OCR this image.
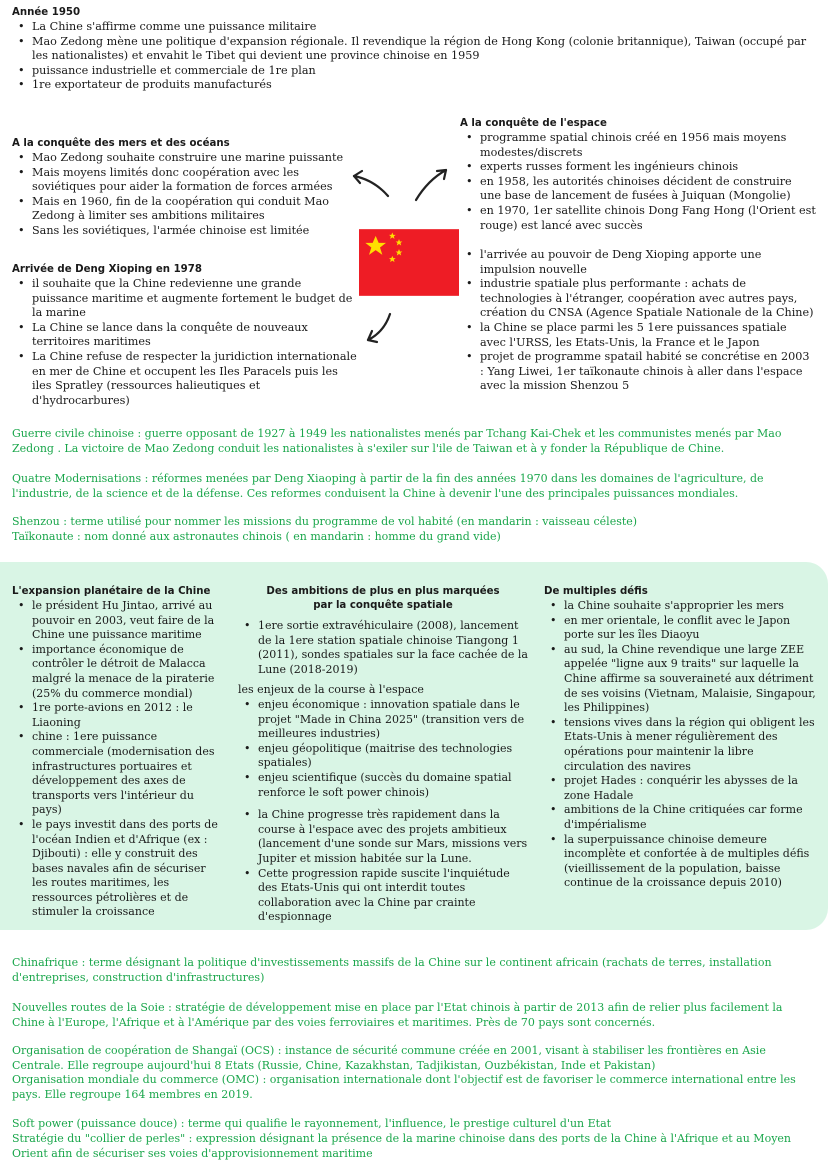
Année 1950

• La Chine s'affirme comme une puissance militaire
• Mao Zedong mène une politique d'expansion régionale. Il revendique la région de Hong Kong (colonie britannique), Taiwan (occupé par les nationalistes) et envahit le Tibet qui devient une province chinoise en 1959
• puissance industrielle et commerciale de 1re plan
• 1re exportateur de produits manufacturés

A la conquête des mers et des océans

• Mao Zedong souhaite construire une marine puissante
• Mais moyens limités donc coopération avec les soviétiques pour aider la formation de forces armées
• Mais en 1960, fin de la coopération qui conduit Mao Zedong à limiter ses ambitions militaires
• Sans les soviétiques, l'armée chinoise est limitée

Arrivée de Deng Xioping en 1978

• il souhaite que la Chine redevienne une grande puissance maritime et augmente fortement le budget de la marine
• La Chine se lance dans la conquête de nouveaux territoires maritimes
• La Chine refuse de respecter la juridiction internationale en mer de Chine et occupent les Iles Paracels puis les iles Spratley (ressources halieutiques et d'hydrocarbures)

A la conquête de l'espace

• programme spatial chinois créé en 1956 mais moyens modestes/discrets
• experts russes forment les ingénieurs chinois
• en 1958, les autorités chinoises décident de construire une base de lancement de fusées à Juiquan (Mongolie)
• en 1970, 1er satellite chinois Dong Fang Hong (l'Orient est rouge) est lancé avec succès
• l'arrivée au pouvoir de Deng Xioping apporte une impulsion nouvelle
• industrie spatiale plus performante : achats de technologies à l'étranger, coopération avec autres pays, création du CNSA (Agence Spatiale Nationale de la Chine)
• la Chine se place parmi les 5 1ere puissances spatiale avec l'URSS, les Etats-Unis, la France et le Japon
• projet de programme spatail habité se concrétise en 2003 : Yang Liwei, 1er taïkonaute chinois à aller dans l'espace avec la mission Shenzou 5

Guerre civile chinoise : guerre opposant de 1927 à 1949 les nationalistes menés par Tchang Kai-Chek et les communistes menés par Mao Zedong . La victoire de Mao Zedong conduit les nationalistes à s'exiler sur l'ile de Taiwan et à y fonder la République de Chine.

Quatre Modernisations : réformes menées par Deng Xiaoping à partir de la fin des années 1970 dans les domaines de l'agriculture, de l'industrie, de la science et de la défense. Ces reformes conduisent la Chine à devenir l'une des principales puissances mondiales.

Shenzou : terme utilisé pour nommer les missions du programme de vol habité (en mandarin : vaisseau céleste)

Taïkonaute : nom donné aux astronautes chinois ( en mandarin : homme du grand vide)

L'expansion planétaire de la Chine

• le président Hu Jintao, arrivé au pouvoir en 2003, veut faire de la Chine une puissance maritime
• importance économique de contrôler le détroit de Malacca malgré la menace de la piraterie (25% du commerce mondial)
• 1re porte-avions en 2012 : le Liaoning
• chine : 1ere puissance commerciale (modernisation des infrastructures portuaires et développement des axes de transports vers l'intérieur du pays)
• le pays investit dans des ports de l'océan Indien et d'Afrique (ex : Djibouti) : elle y construit des bases navales afin de sécuriser les routes maritimes, les ressources pétrolières et de stimuler la croissance

Des ambitions de plus en plus marquées par la conquête spatiale

• 1ere sortie extravéhiculaire (2008), lancement de la 1ere station spatiale chinoise Tiangong 1 (2011), sondes spatiales sur la face cachée de la Lune (2018-2019)

les enjeux de la course à l'espace

• enjeu économique : innovation spatiale dans le projet "Made in China 2025" (transition vers de meilleures industries)
• enjeu géopolitique (maitrise des technologies spatiales)
• enjeu scientifique (succès du domaine spatial renforce le soft power chinois)
• la Chine progresse très rapidement dans la course à l'espace avec des projets ambitieux (lancement d'une sonde sur Mars, missions vers Jupiter et mission habitée sur la Lune.
• Cette progression rapide suscite l'inquiétude des Etats-Unis qui ont interdit toutes collaboration avec la Chine par crainte d'espionnage

De multiples défis

• la Chine souhaite s'approprier les mers
• en mer orientale, le conflit avec le Japon porte sur les îles Diaoyu
• au sud, la Chine revendique une large ZEE appelée "ligne aux 9 traits" sur laquelle la Chine affirme sa souveraineté aux détriment de ses voisins (Vietnam, Malaisie, Singapour, les Philippines)
• tensions vives dans la région qui obligent les Etats-Unis à mener régulièrement des opérations pour maintenir la libre circulation des navires
• projet Hades : conquérir les abysses de la zone Hadale
• ambitions de la Chine critiquées car forme d'impérialisme
• la superpuissance chinoise demeure incomplète et confortée à de multiples défis (vieillissement de la population, baisse continue de la croissance depuis 2010)

Chinafrique : terme désignant la politique d'investissements massifs de la Chine sur le continent africain (rachats de terres, installation d'entreprises, construction d'infrastructures)

Nouvelles routes de la Soie : stratégie de développement mise en place par l'Etat chinois à partir de 2013 afin de relier plus facilement la Chine à l'Europe, l'Afrique et à l'Amérique par des voies ferroviaires et maritimes. Près de 70 pays sont concernés.

Organisation de coopération de Shangaï (OCS) : instance de sécurité commune créée en 2001, visant à stabiliser les frontières en Asie Centrale. Elle regroupe aujourd'hui 8 Etats (Russie, Chine, Kazakhstan, Tadjikistan, Ouzbékistan, Inde et Pakistan)

Organisation mondiale du commerce (OMC) : organisation internationale dont l'objectif est de favoriser le commerce international entre les pays. Elle regroupe 164 membres en 2019.

Soft power (puissance douce) : terme qui qualifie le rayonnement, l'influence, le prestige culturel d'un Etat

Stratégie du "collier de perles" : expression désignant la présence de la marine chinoise dans des ports de la Chine à l'Afrique et au Moyen Orient afin de sécuriser ses voies d'approvisionnement maritime
